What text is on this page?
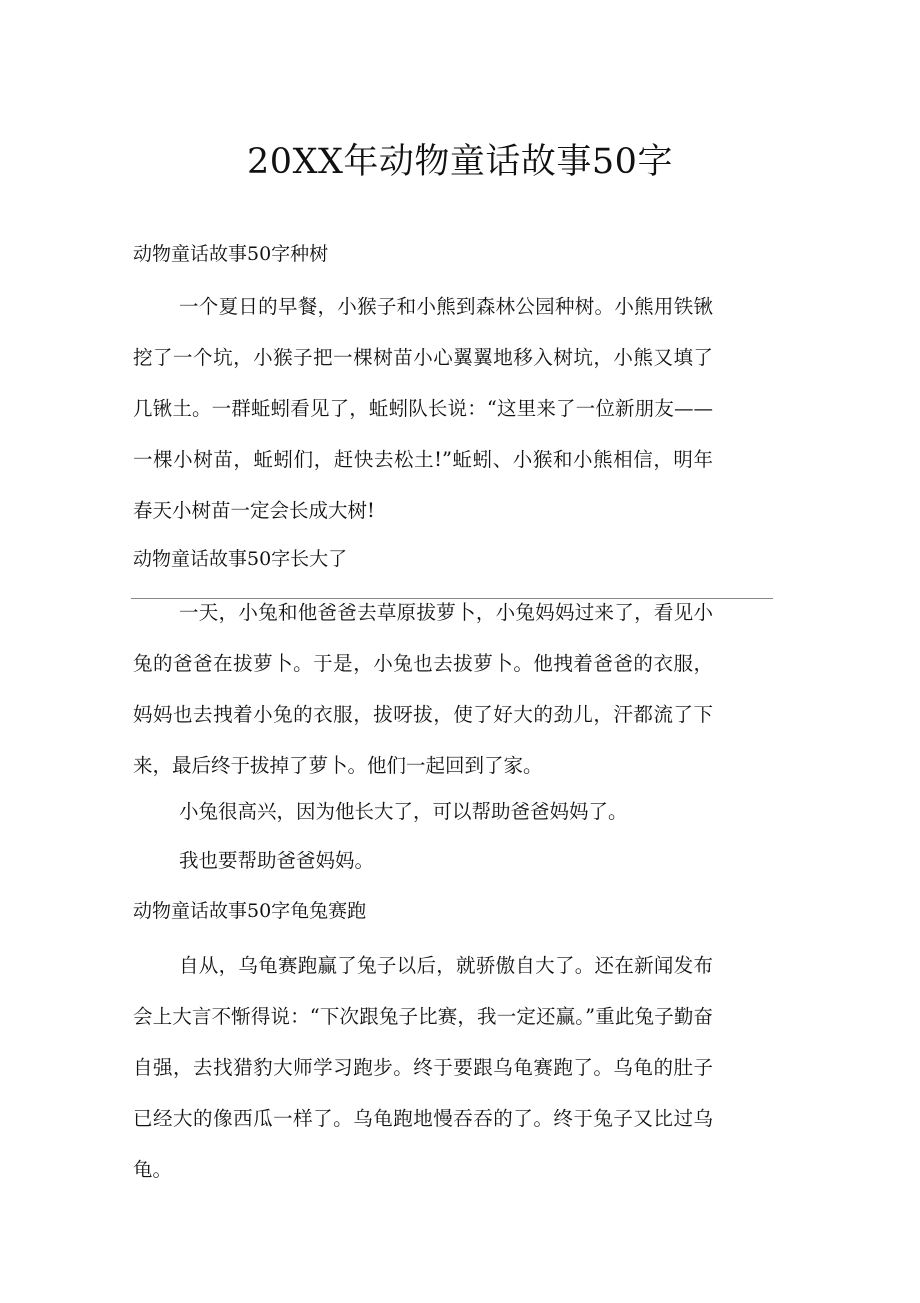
20XX年动物童话故事50字
动物童话故事50字种树

一个夏日的早餐，小猴子和小熊到森林公园种树。小熊用铁锹挖了一个坑，小猴子把一棵树苗小心翼翼地移入树坑，小熊又填了几锹土。一群蚯蚓看见了，蚯蚓队长说：“这里来了一位新朋友——一棵小树苗，蚯蚓们，赶快去松土!”蚯蚓、小猴和小熊相信，明年春天小树苗一定会长成大树!

动物童话故事50字长大了

一天，小兔和他爸爸去草原拔萝卜，小兔妈妈过来了，看见小兔的爸爸在拔萝卜。于是，小兔也去拔萝卜。他拽着爸爸的衣服，妈妈也去拽着小兔的衣服，拔呀拔，使了好大的劲儿，汗都流了下来，最后终于拔掉了萝卜。他们一起回到了家。

小兔很高兴，因为他长大了，可以帮助爸爸妈妈了。
我也要帮助爸爸妈妈。
动物童话故事50字龟兔赛跑

自从，乌龟赛跑赢了兔子以后，就骄傲自大了。还在新闻发布会上大言不惭得说：“下次跟兔子比赛，我一定还赢。”重此兔子勤奋自强，去找猎豹大师学习跑步。终于要跟乌龟赛跑了。乌龟的肚子已经大的像西瓜一样了。乌龟跑地慢吞吞的了。终于兔子又比过乌龟。
